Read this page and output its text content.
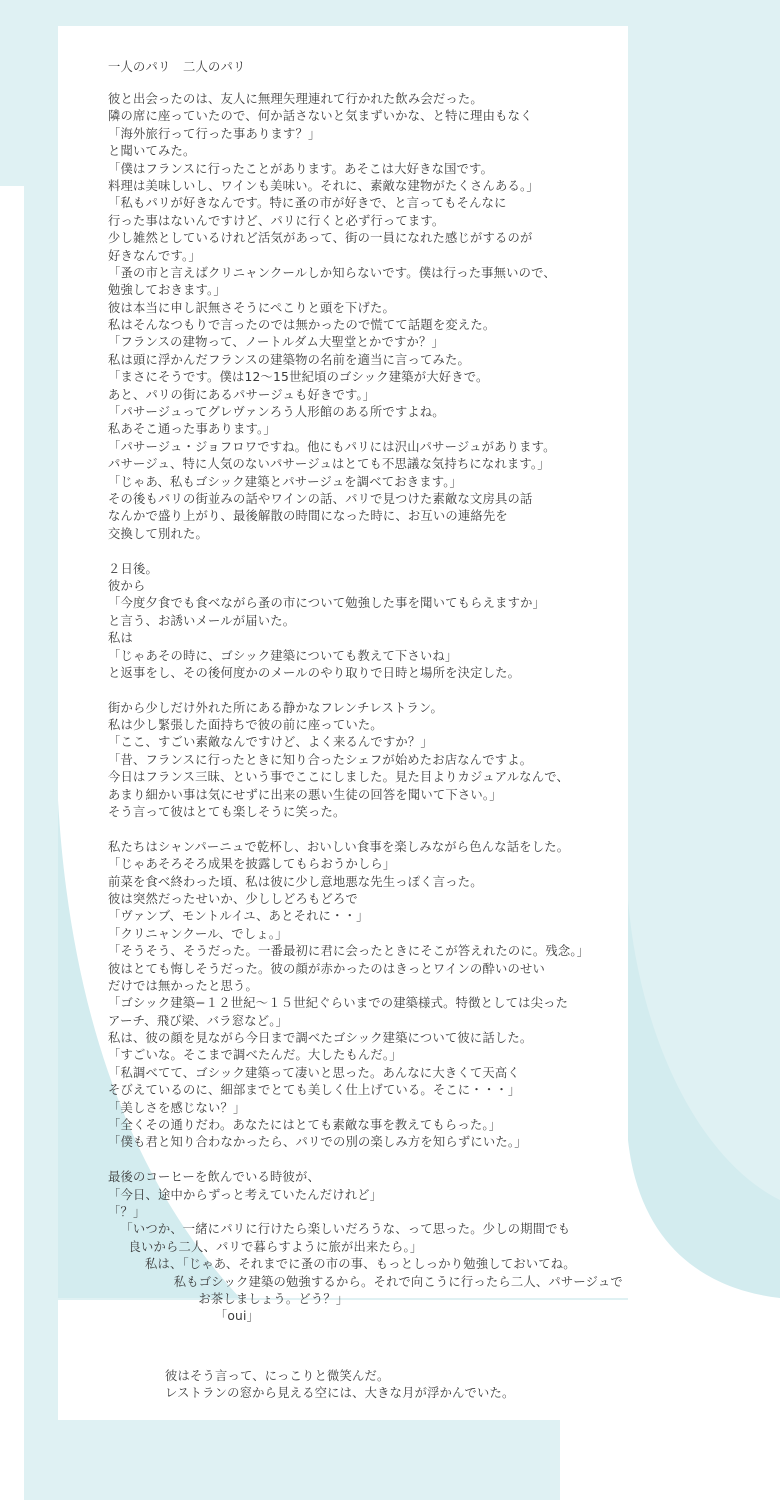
一人のパリ　二人のパリ
彼と出会ったのは、友人に無理矢理連れて行かれた飲み会だった。
隣の席に座っていたので、何か話さないと気まずいかな、と特に理由もなく
「海外旅行って行った事あります？」
と聞いてみた。
「僕はフランスに行ったことがあります。あそこは大好きな国です。
料理は美味しいし、ワインも美味い。それに、素敵な建物がたくさんある。」
「私もパリが好きなんです。特に蚤の市が好きで、と言ってもそんなに
行った事はないんですけど、パリに行くと必ず行ってます。
少し雑然としているけれど活気があって、街の一員になれた感じがするのが
好きなんです。」
「蚤の市と言えばクリニャンクールしか知らないです。僕は行った事無いので、
勉強しておきます。」
彼は本当に申し訳無さそうにぺこりと頭を下げた。
私はそんなつもりで言ったのでは無かったので慌てて話題を変えた。
「フランスの建物って、ノートルダム大聖堂とかですか？」
私は頭に浮かんだフランスの建築物の名前を適当に言ってみた。
「まさにそうです。僕は12〜15世紀頃のゴシック建築が大好きで。
あと、パリの街にあるパサージュも好きです。」
「パサージュってグレヴァンろう人形館のある所ですよね。
私あそこ通った事あります。」
「パサージュ・ジョフロワですね。他にもパリには沢山パサージュがあります。
パサージュ、特に人気のないパサージュはとても不思議な気持ちになれます。」
「じゃあ、私もゴシック建築とパサージュを調べておきます。」
その後もパリの街並みの話やワインの話、パリで見つけた素敵な文房具の話
なんかで盛り上がり、最後解散の時間になった時に、お互いの連絡先を
交換して別れた。
２日後。
彼から
「今度夕食でも食べながら蚤の市について勉強した事を聞いてもらえますか」
と言う、お誘いメールが届いた。
私は
「じゃあその時に、ゴシック建築についても教えて下さいね」
と返事をし、その後何度かのメールのやり取りで日時と場所を決定した。
街から少しだけ外れた所にある静かなフレンチレストラン。
私は少し緊張した面持ちで彼の前に座っていた。
「ここ、すごい素敵なんですけど、よく来るんですか？」
「昔、フランスに行ったときに知り合ったシェフが始めたお店なんですよ。
今日はフランス三昧、という事でここにしました。見た目よりカジュアルなんで、
あまり細かい事は気にせずに出来の悪い生徒の回答を聞いて下さい。」
そう言って彼はとても楽しそうに笑った。
私たちはシャンパーニュで乾杯し、おいしい食事を楽しみながら色んな話をした。
「じゃあそろそろ成果を披露してもらおうかしら」
前菜を食べ終わった頃、私は彼に少し意地悪な先生っぽく言った。
彼は突然だったせいか、少ししどろもどろで
「ヴァンブ、モントルイユ、あとそれに・・」
「クリニャンクール、でしょ。」
「そうそう、そうだった。一番最初に君に会ったときにそこが答えれたのに。残念。」
彼はとても悔しそうだった。彼の顔が赤かったのはきっとワインの酔いのせい
だけでは無かったと思う。
「ゴシック建築−１２世紀〜１５世紀ぐらいまでの建築様式。特徴としては尖った
アーチ、飛び梁、バラ窓など。」
私は、彼の顔を見ながら今日まで調べたゴシック建築について彼に話した。
「すごいな。そこまで調べたんだ。大したもんだ。」
「私調べてて、ゴシック建築って凄いと思った。あんなに大きくて天高く
そびえているのに、細部までとても美しく仕上げている。そこに・・・」
「美しさを感じない？」
「全くその通りだわ。あなたにはとても素敵な事を教えてもらった。」
「僕も君と知り合わなかったら、パリでの別の楽しみ方を知らずにいた。」
最後のコーヒーを飲んでいる時彼が、
「今日、途中からずっと考えていたんだけれど」
「？」
「いつか、一緒にパリに行けたら楽しいだろうな、って思った。少しの期間でも
良いから二人、パリで暮らすように旅が出来たら。」
私は、「じゃあ、それまでに蚤の市の事、もっとしっかり勉強しておいてね。
私もゴシック建築の勉強するから。それで向こうに行ったら二人、パサージュで
お茶しましょう。どう？」
「oui」
彼はそう言って、にっこりと微笑んだ。
レストランの窓から見える空には、大きな月が浮かんでいた。
